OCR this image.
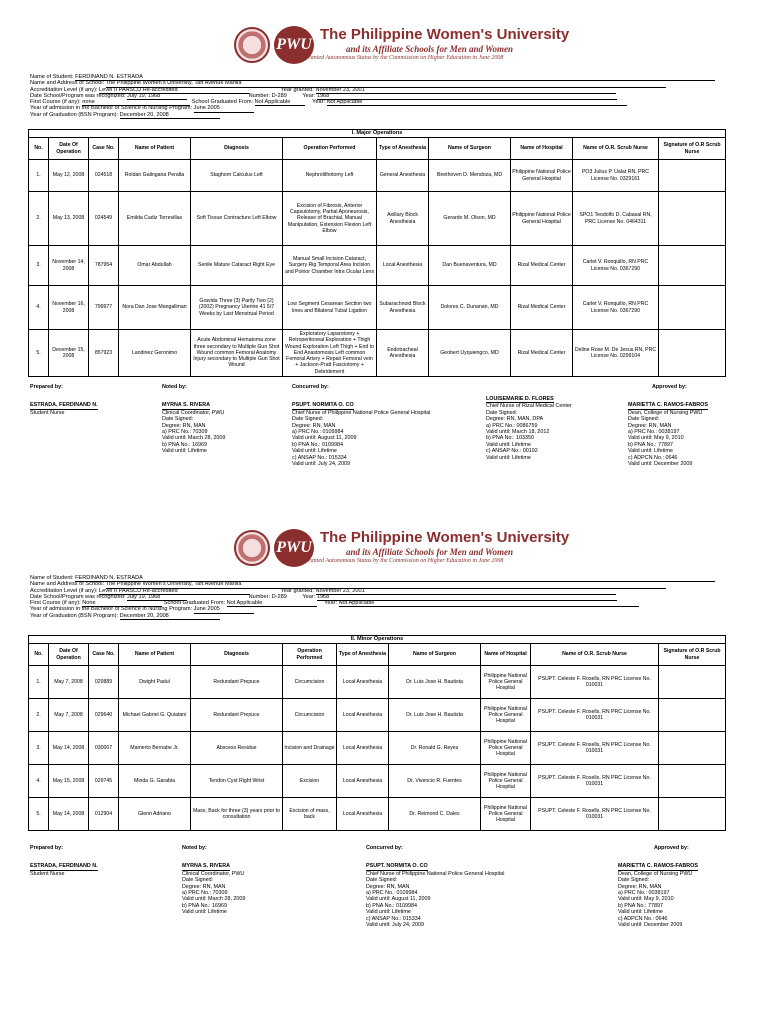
PWU
The Philippine Women's University
and its Affiliate Schools for Men and Women
Granted Autonomous Status by the Commission on Higher Education in June 2008
Name of Student: FERDINAND N. ESTRADA
Name and Address of School: The Philippine Women's University, Taft Avenue Manila
Accreditation Level (if any): Level II PAASCU Re-accredited	Year granted: November 23, 2001
Date School/Program was recognized: July 19, 1968	Number: D-289	Year: 1968
First Course (if any): none	School Graduated From: Not Applicable	Year: Not Applicable
Year of admission in the Bachelor of Science in Nursing Program: June 2005
Year of Graduation (BSN Program): December 20, 2008
I. Major Operations										
No.	Date Of Operation	Case No.	Name of Patient	Diagnosis	Operation Performed	Type of Anesthesia	Name of Surgeon	Name of Hospital	Name of O.R. Scrub Nurse	Signature of O.R Scrub Nurse
1.	May 12, 2008	024518	Roldan Galingana Peralta	Staghorn Calculus Left	Nephrolithotomy Left	General Anesthesia	Beethoven D. Mendoza, MD	Philippine National Police General Hospital	PO3 Julius P. Ualat RN, PRC License No. 0329161	
2.	May 13, 2008	024549	Emilda Cadiz Torrevillas	Soft Tissue Contracture Left Elbow	Excision of Fibrosis, Anterior Capsulotomy, Partial Aponeurosis, Release of Brachial, Manual Manipulation, Extension Flexion Left Elbow	Axillary Block Anesthesia	Gerardo M. Olson, MD	Philippine National Police General Hospital	SPO1 Teodolfo D. Cabasal RN, PRC License No. 0464311	
3.	November 14, 2008	787954	Omar Abdullah	Senile Mature Cataract Right Eye	Manual Small Incision Cataract, Surgery Rig Temporal Area Incision and Poirior Chamber Intra Ocular Lens	Local Anesthesia	Dan Buenaventura, MD	Rizal Medical Center	Carlet V. Ronquillo, RN PRC License No. 0367290	
4.	November 16, 2008	799977	Nora Dan Jose Mangallman	Gravida Three (3) Parity Two (2) (2002) Pregnancy Uterine 41 5/7 Weeks by Last Menstrual Period	Low Segment Cesarean Section two lines and Bilateral Tubal Ligation	Subarachnoid Block Anesthesia	Dolores C. Dunanan, MD	Rizal Medical Center	Carlet V. Ronquillo, RN PRC License No. 0367290	
5.	December 15, 2008	857923	Landinez Geronimo	Acute Abdominal Hematoma zone three secondary to Multiple Gun Shot Wound common Femoral Anatomy Injury secondary to Multiple Gun Shot Wound	Exploratory Laparotomy + Retroperitoneal Exploration + Thigh Wound Exploration Left Thigh + End to End Anastomosis Left common Femoral Artery + Repair Femoral vein + Jackson-Pratt Fasciotomy + Debridement	Endotracheal Anesthesia	Geobert Uyquiengco, MD	Rizal Medical Center	Deline Rose M. De Jesus RN, PRC License No. 0299104	
Prepared by:
ESTRADA, FERDINAND N.
Student Nurse
Noted by:
MYRNA S. RIVERA
Clinical Coordinator, PWU
Date Signed:
Degree: RN, MAN
a) PRC No.: 70309
Valid until: March 28, 2009
b) PNA No.: 16969
Valid until: Lifetime
Concurred by:
PSUPT. NORMITA O. CO
Chief Nurse of Philippine National Police General Hospital
Date Signed:
Degree: RN, MAN
a) PRC No.: 0109984
Valid until: August 11, 2009
b) PNA No.: 0109984
Valid until: Lifetime
c) ANSAP No.: 015334
Valid until: July 24, 2009
LOUISEMARIE D. FLORES
Chief Nurse of Rizal Medical Center
Date Signed:
Degree: RN, MAN, DPA
a) PRC No.: 0086759
Valid until: March 18, 2012
b) PNA No.: 103350
Valid until: Lifetime
c) ANSAP No.: 00192
Valid until: Lifetime
Approved by:
MARIETTA C. RAMOS-FABROS
Dean, College of Nursing PWU
Date Signed:
Degree: RN, MAN
a) PRC No.: 0038197
Valid until: May 9, 2010
b) PNA No.: 77897
Valid until: Lifetime
c) ADPCN No.: 0646
Valid until: December 2009
PWU
The Philippine Women's University
and its Affiliate Schools for Men and Women
Granted Autonomous Status by the Commission on Higher Education in June 2008
Name of Student: FERDINAND N. ESTRADA
Name and Address of School: The Philippine Women's University, Taft Avenue Manila
Accreditation Level (if any): Level II PAASCU Re-accredited	Year granted: November 23, 2001
Date School/Program was recognized: July 19, 1968	Number: D-289	Year: 1968
First Course (if any): None	School Graduated From: Not Applicable	Year: Not Applicable
Year of admission in the Bachelor of Science in Nursing Program: June 2005
Year of Graduation (BSN Program): December 20, 2008
II. Minor Operations										
No.	Date Of Operation	Case No.	Name of Patient	Diagnosis	Operation Performed	Type of Anesthesia	Name of Surgeon	Name of Hospital	Name of O.R. Scrub Nurse	Signature of O.R Scrub Nurse
1.	May 7, 2008	029889	Dwight Padul	Redundant Prepuce	Circumcision	Local Anesthesia	Dr. Luis Jose H. Bautista	Philippine National Police General Hospital	PSUPT. Celeste F. Rosells, RN PRC License No. 010031	
2.	May 7, 2008	029640	Michael Gabriel G. Quiatani	Redundant Prepuce	Circumcision	Local Anesthesia	Dr. Luis Jose H. Bautista	Philippine National Police General Hospital	PSUPT. Celeste F. Rosells, RN PRC License No. 010031	
3.	May 14, 2008	030007	Mamerto Bernabe Jr.	Abscess Residue	Incision and Drainage	Local Anesthesia	Dr. Ronald G. Reyes	Philippine National Police General Hospital	PSUPT. Celeste F. Rosells, RN PRC License No. 010031	
4.	May 15, 2008	029745	Minda G. Garabia	Tendon Cyst Right Wrist	Excision	Local Anesthesia	Dr. Vivencio R. Fuentes	Philippine National Police General Hospital	PSUPT. Celeste F. Rosells, RN PRC License No. 010031	
5.	May 14, 2008	012904	Glenn Adriano	Mass, Back for three (3) years prior to consultation	Excision of mass, back	Local Anesthesia	Dr. Reimond C. Dales	Philippine National Police General Hospital	PSUPT. Celeste F. Rosells, RN PRC License No. 010031	
Prepared by:
ESTRADA, FERDINAND N.
Student Nurse
Noted by:
MYRNA S. RIVERA
Clinical Coordinator, PWU
Date Signed:
Degree: RN, MAN
a) PRC No.: 70309
Valid until: March 28, 2009
b) PNA No.: 16969
Valid until: Lifetime
Concurred by:
PSUPT. NORMITA O. CO
Chief Nurse of Philippine National Police General Hospital
Date Signed:
Degree: RN, MAN
a) PRC No.: 0109984
Valid until: August 11, 2009
b) PNA No.: 0109984
Valid until: Lifetime
c) ANSAP No.: 015334
Valid until: July 24, 2009
Approved by:
MARIETTA C. RAMOS-FABROS
Dean, College of Nursing PWU
Date Signed:
Degree: RN, MAN
a) PRC No.: 0038197
Valid until: May 9, 2010
b) PNA No.: 77897
Valid until: Lifetime
c) ADPCN No.: 0646
Valid until: December 2009
